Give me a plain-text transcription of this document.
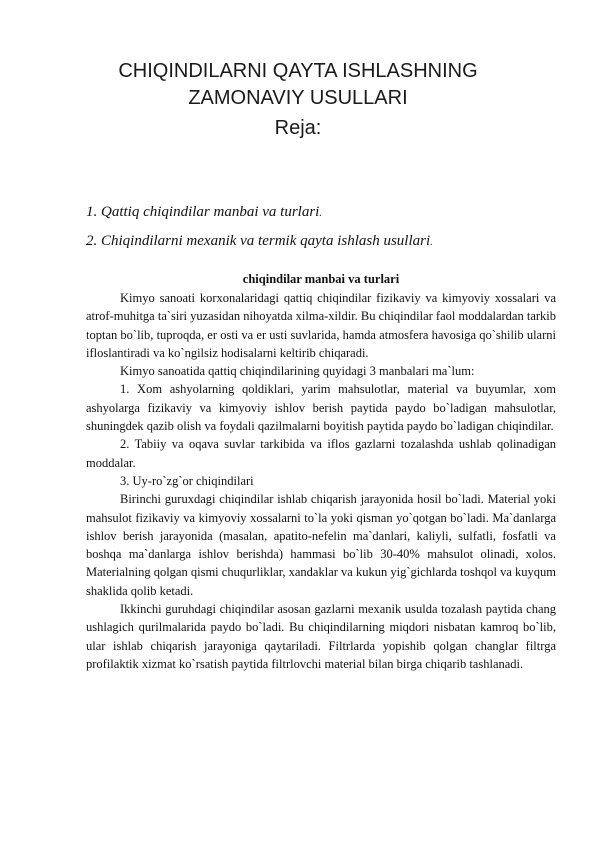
CHIQINDILARNI QAYTA ISHLASHNING ZAMONAVIY USULLARI
Reja:
1. Qattiq chiqindilar manbai va turlari.
2. Chiqindilarni mexanik va termik qayta ishlash usullari.
chiqindilar manbai va turlari

Kimyo sanoati korxonalaridagi qattiq chiqindilar fizikaviy va kimyoviy xossalari va atrof-muhitga ta`siri yuzasidan nihoyatda xilma-xildir. Bu chiqindilar faol moddalardan tarkib toptan bo`lib, tuproqda, er osti va er usti suvlarida, hamda atmosfera havosiga qo`shilib ularni ifloslantiradi va ko`ngilsiz hodisalarni keltirib chiqaradi.

Kimyo sanoatida qattiq chiqindilarining quyidagi 3 manbalari ma`lum:

1. Xom ashyolarning qoldiklari, yarim mahsulotlar, material va buyumlar, xom ashyolarga fizikaviy va kimyoviy ishlov berish paytida paydo bo`ladigan mahsulotlar, shuningdek qazib olish va foydali qazilmalarni boyitish paytida paydo bo`ladigan chiqindilar.

2. Tabiiy va oqava suvlar tarkibida va iflos gazlarni tozalashda ushlab qolinadigan moddalar.

3. Uy-ro`zg`or chiqindilari

Birinchi guruxdagi chiqindilar ishlab chiqarish jarayonida hosil bo`ladi. Material yoki mahsulot fizikaviy va kimyoviy xossalarni to`la yoki qisman yo`qotgan bo`ladi. Ma`danlarga ishlov berish jarayonida (masalan, apatito-nefelin ma`danlari, kaliyli, sulfatli, fosfatli va boshqa ma`danlarga ishlov berishda) hammasi bo`lib 30-40% mahsulot olinadi, xolos. Materialning qolgan qismi chuqurliklar, xandaklar va kukun yig`gichlarda toshqol va kuyqum shaklida qolib ketadi.

Ikkinchi guruhdagi chiqindilar asosan gazlarni mexanik usulda tozalash paytida chang ushlagich qurilmalarida paydo bo`ladi. Bu chiqindilarning miqdori nisbatan kamroq bo`lib, ular ishlab chiqarish jarayoniga qaytariladi. Filtrlarda yopishib qolgan changlar filtrga profilaktik xizmat ko`rsatish paytida filtrlovchi material bilan birga chiqarib tashlanadi.
